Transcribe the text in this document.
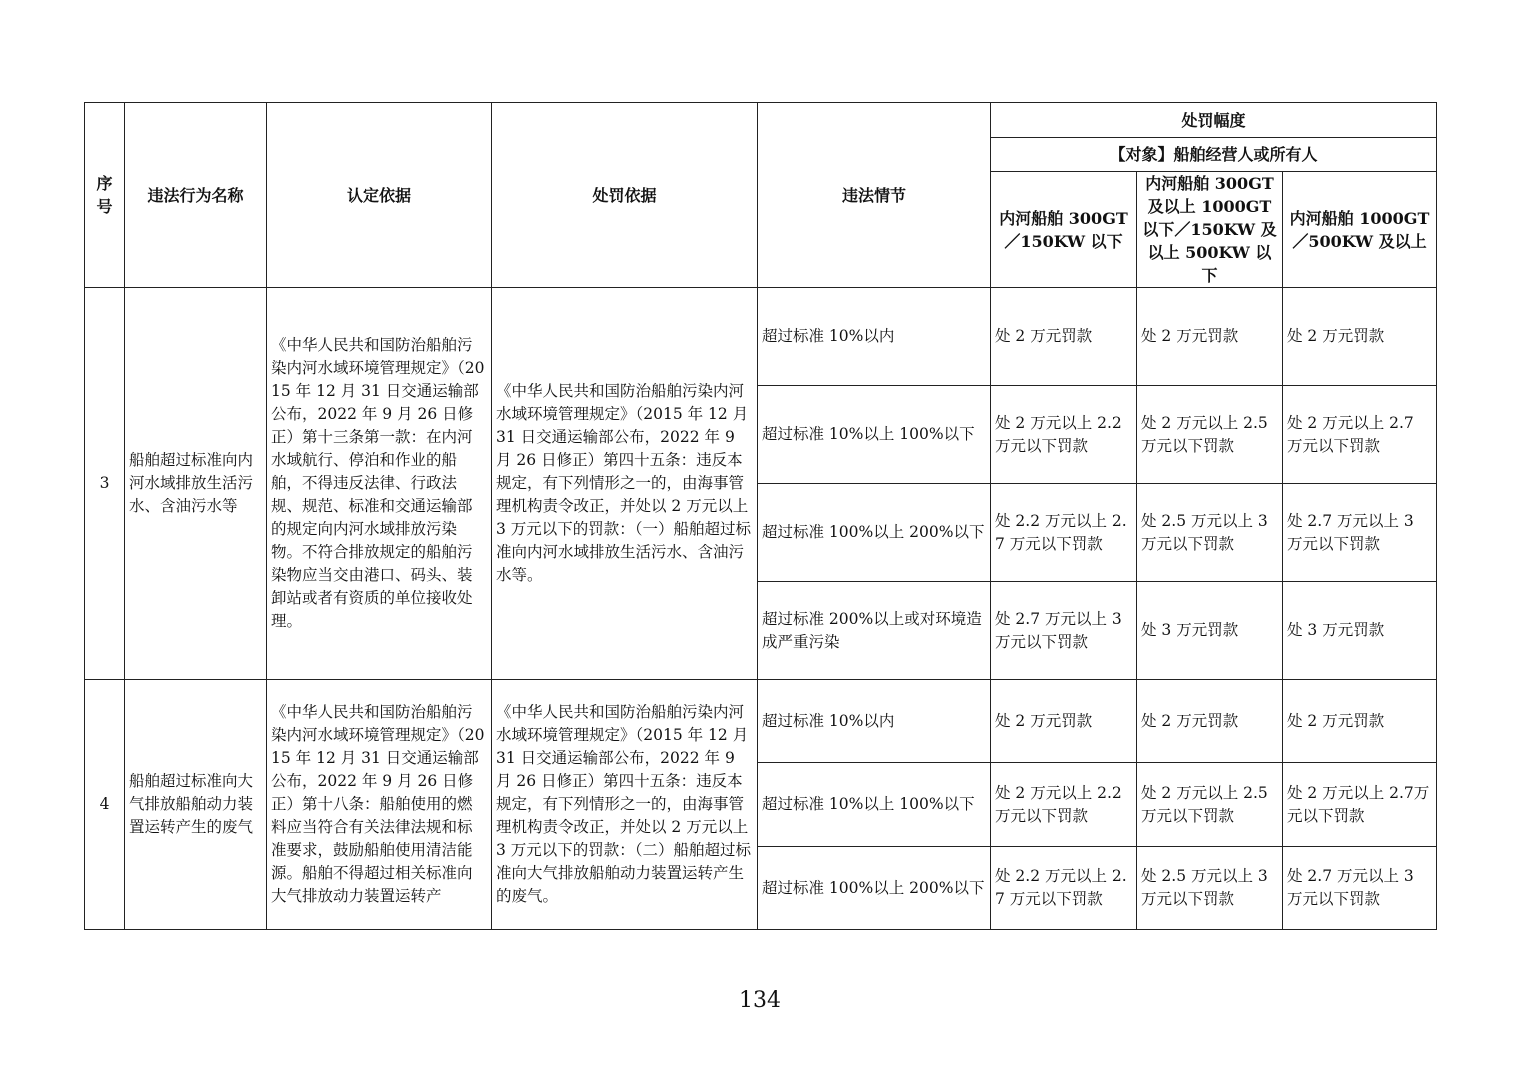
序号	违法行为名称	认定依据	处罚依据	违法情节	处罚幅度		
					【对象】船舶经营人或所有人		
					内河船舶 300GT／150KW 以下	内河船舶 300GT 及以上 1000GT 以下／150KW 及以上 500KW 以下	内河船舶 1000GT／500KW 及以上
3	船舶超过标准向内河水域排放生活污水、含油污水等	《中华人民共和国防治船舶污染内河水域环境管理规定》（2015 年 12 月 31 日交通运输部公布，2022 年 9 月 26 日修正）第十三条第一款：在内河水域航行、停泊和作业的船舶，不得违反法律、行政法规、规范、标准和交通运输部的规定向内河水域排放污染物。不符合排放规定的船舶污染物应当交由港口、码头、装卸站或者有资质的单位接收处理。	《中华人民共和国防治船舶污染内河水域环境管理规定》（2015 年 12 月 31 日交通运输部公布，2022 年 9 月 26 日修正）第四十五条：违反本规定，有下列情形之一的，由海事管理机构责令改正，并处以 2 万元以上 3 万元以下的罚款：（一）船舶超过标准向内河水域排放生活污水、含油污水等。	超过标准 10%以内	处 2 万元罚款	处 2 万元罚款	处 2 万元罚款
				超过标准 10%以上 100%以下	处 2 万元以上 2.2 万元以下罚款	处 2 万元以上 2.5 万元以下罚款	处 2 万元以上 2.7 万元以下罚款
				超过标准 100%以上 200%以下	处 2.2 万元以上 2.7 万元以下罚款	处 2.5 万元以上 3 万元以下罚款	处 2.7 万元以上 3 万元以下罚款
				超过标准 200%以上或对环境造成严重污染	处 2.7 万元以上 3 万元以下罚款	处 3 万元罚款	处 3 万元罚款
4	船舶超过标准向大气排放船舶动力装置运转产生的废气	《中华人民共和国防治船舶污染内河水域环境管理规定》（2015 年 12 月 31 日交通运输部公布，2022 年 9 月 26 日修正）第十八条：船舶使用的燃料应当符合有关法律法规和标准要求，鼓励船舶使用清洁能源。船舶不得超过相关标准向大气排放动力装置运转产	《中华人民共和国防治船舶污染内河水域环境管理规定》（2015 年 12 月 31 日交通运输部公布，2022 年 9 月 26 日修正）第四十五条：违反本规定，有下列情形之一的，由海事管理机构责令改正，并处以 2 万元以上 3 万元以下的罚款：（二）船舶超过标准向大气排放船舶动力装置运转产生的废气。	超过标准 10%以内	处 2 万元罚款	处 2 万元罚款	处 2 万元罚款
				超过标准 10%以上 100%以下	处 2 万元以上 2.2 万元以下罚款	处 2 万元以上 2.5 万元以下罚款	处 2 万元以上 2.7万元以下罚款
				超过标准 100%以上 200%以下	处 2.2 万元以上 2.7 万元以下罚款	处 2.5 万元以上 3 万元以下罚款	处 2.7 万元以上 3 万元以下罚款
134
